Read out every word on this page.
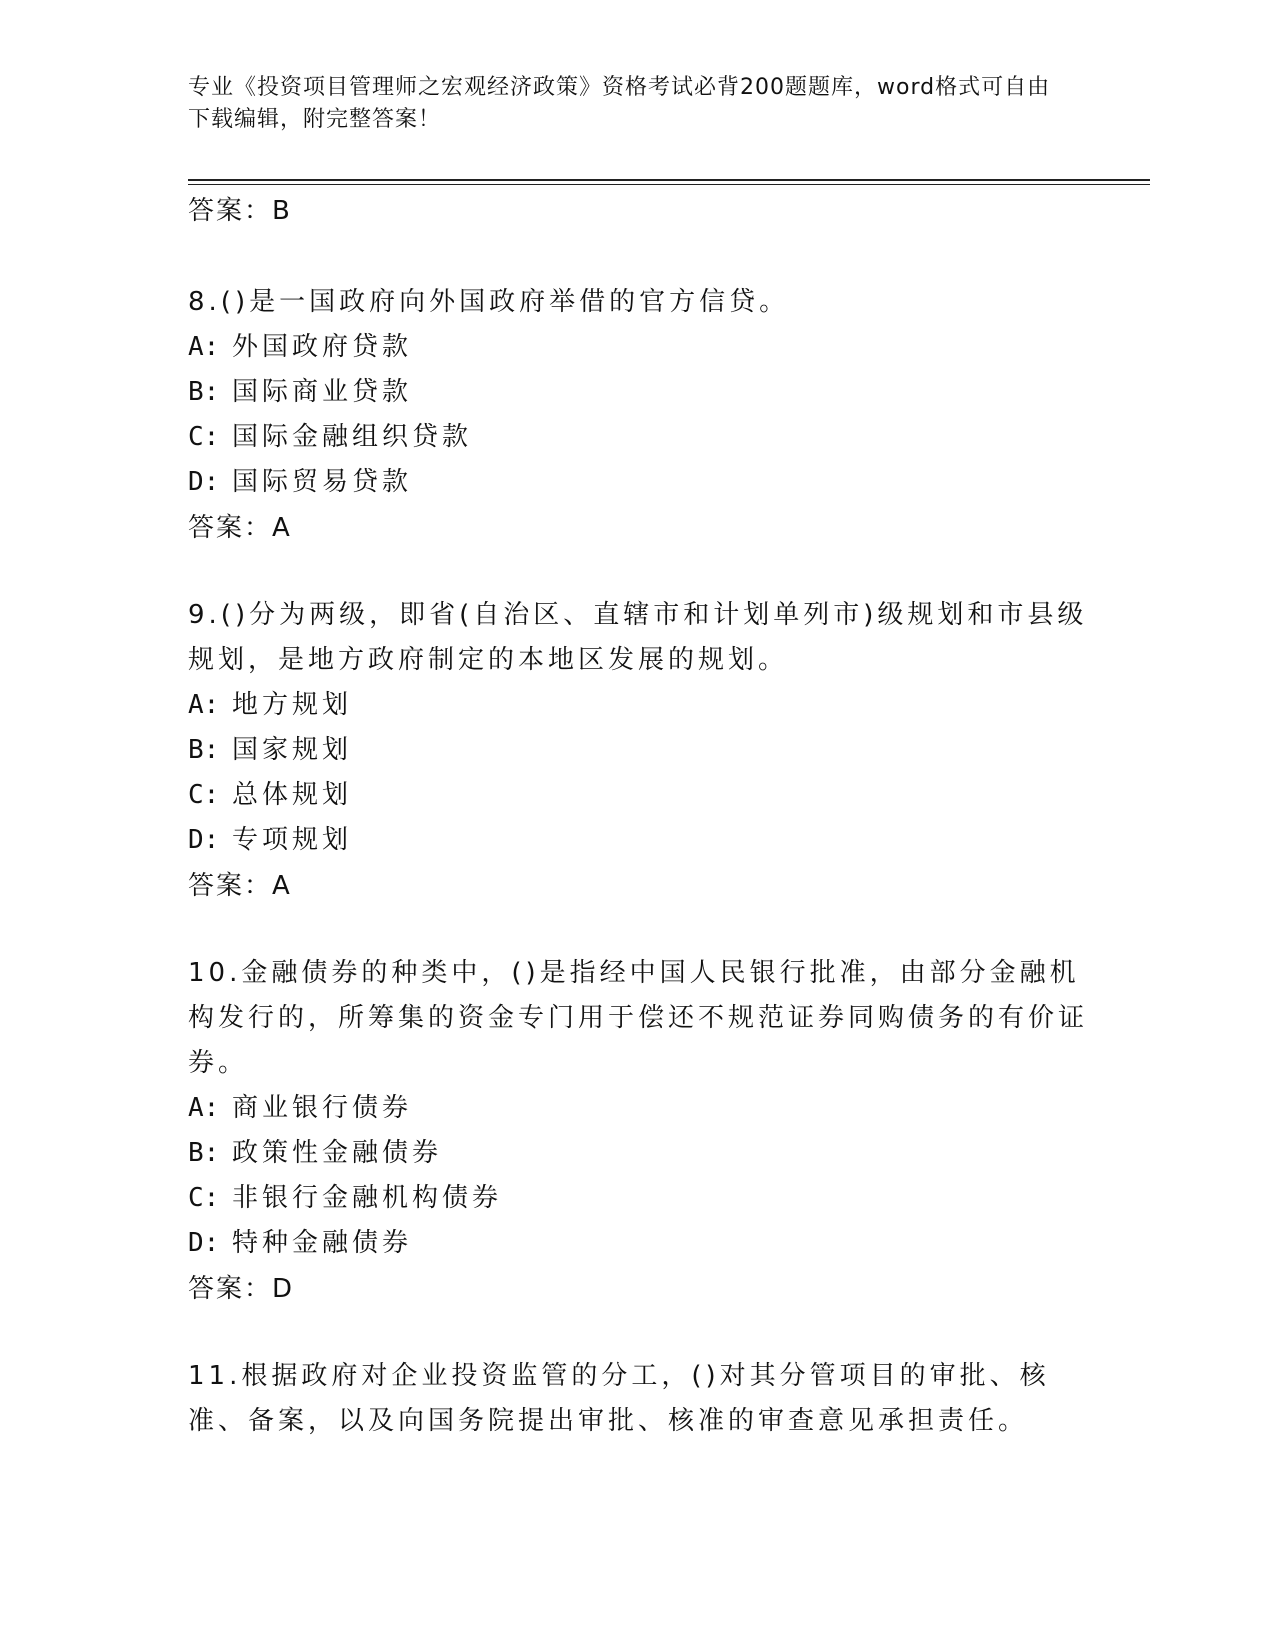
专业《投资项目管理师之宏观经济政策》资格考试必背200题题库，word格式可自由下载编辑，附完整答案！
答案：B
8.()是一国政府向外国政府举借的官方信贷。
A: 外国政府贷款
B: 国际商业贷款
C: 国际金融组织贷款
D: 国际贸易贷款
答案：A
9.()分为两级，即省(自治区、直辖市和计划单列市)级规划和市县级规划，是地方政府制定的本地区发展的规划。
A: 地方规划
B: 国家规划
C: 总体规划
D: 专项规划
答案：A
10.金融债券的种类中，()是指经中国人民银行批准，由部分金融机构发行的，所筹集的资金专门用于偿还不规范证券同购债务的有价证券。
A: 商业银行债券
B: 政策性金融债券
C: 非银行金融机构债券
D: 特种金融债券
答案：D
11.根据政府对企业投资监管的分工，()对其分管项目的审批、核准、备案，以及向国务院提出审批、核准的审查意见承担责任。
